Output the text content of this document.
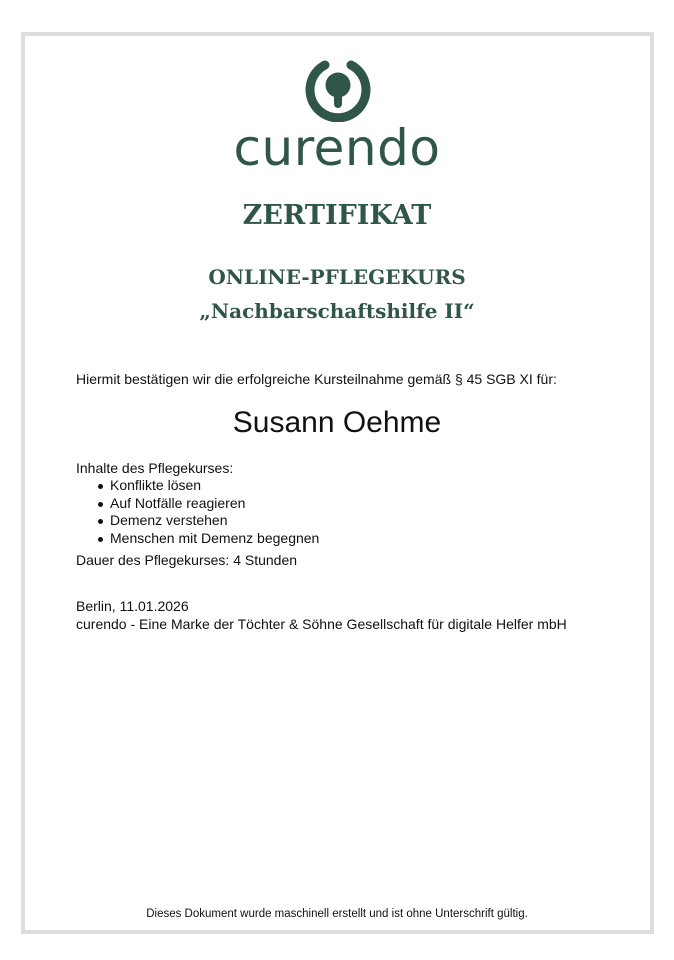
curendo
ZERTIFIKAT
ONLINE-PFLEGEKURS
„Nachbarschaftshilfe II“
Hiermit bestätigen wir die erfolgreiche Kursteilnahme gemäß § 45 SGB XI für:
Susann Oehme
Inhalte des Pflegekurses:
Konflikte lösen
Auf Notfälle reagieren
Demenz verstehen
Menschen mit Demenz begegnen
Dauer des Pflegekurses: 4 Stunden
Berlin, 11.01.2026
curendo - Eine Marke der Töchter & Söhne Gesellschaft für digitale Helfer mbH
Dieses Dokument wurde maschinell erstellt und ist ohne Unterschrift gültig.
